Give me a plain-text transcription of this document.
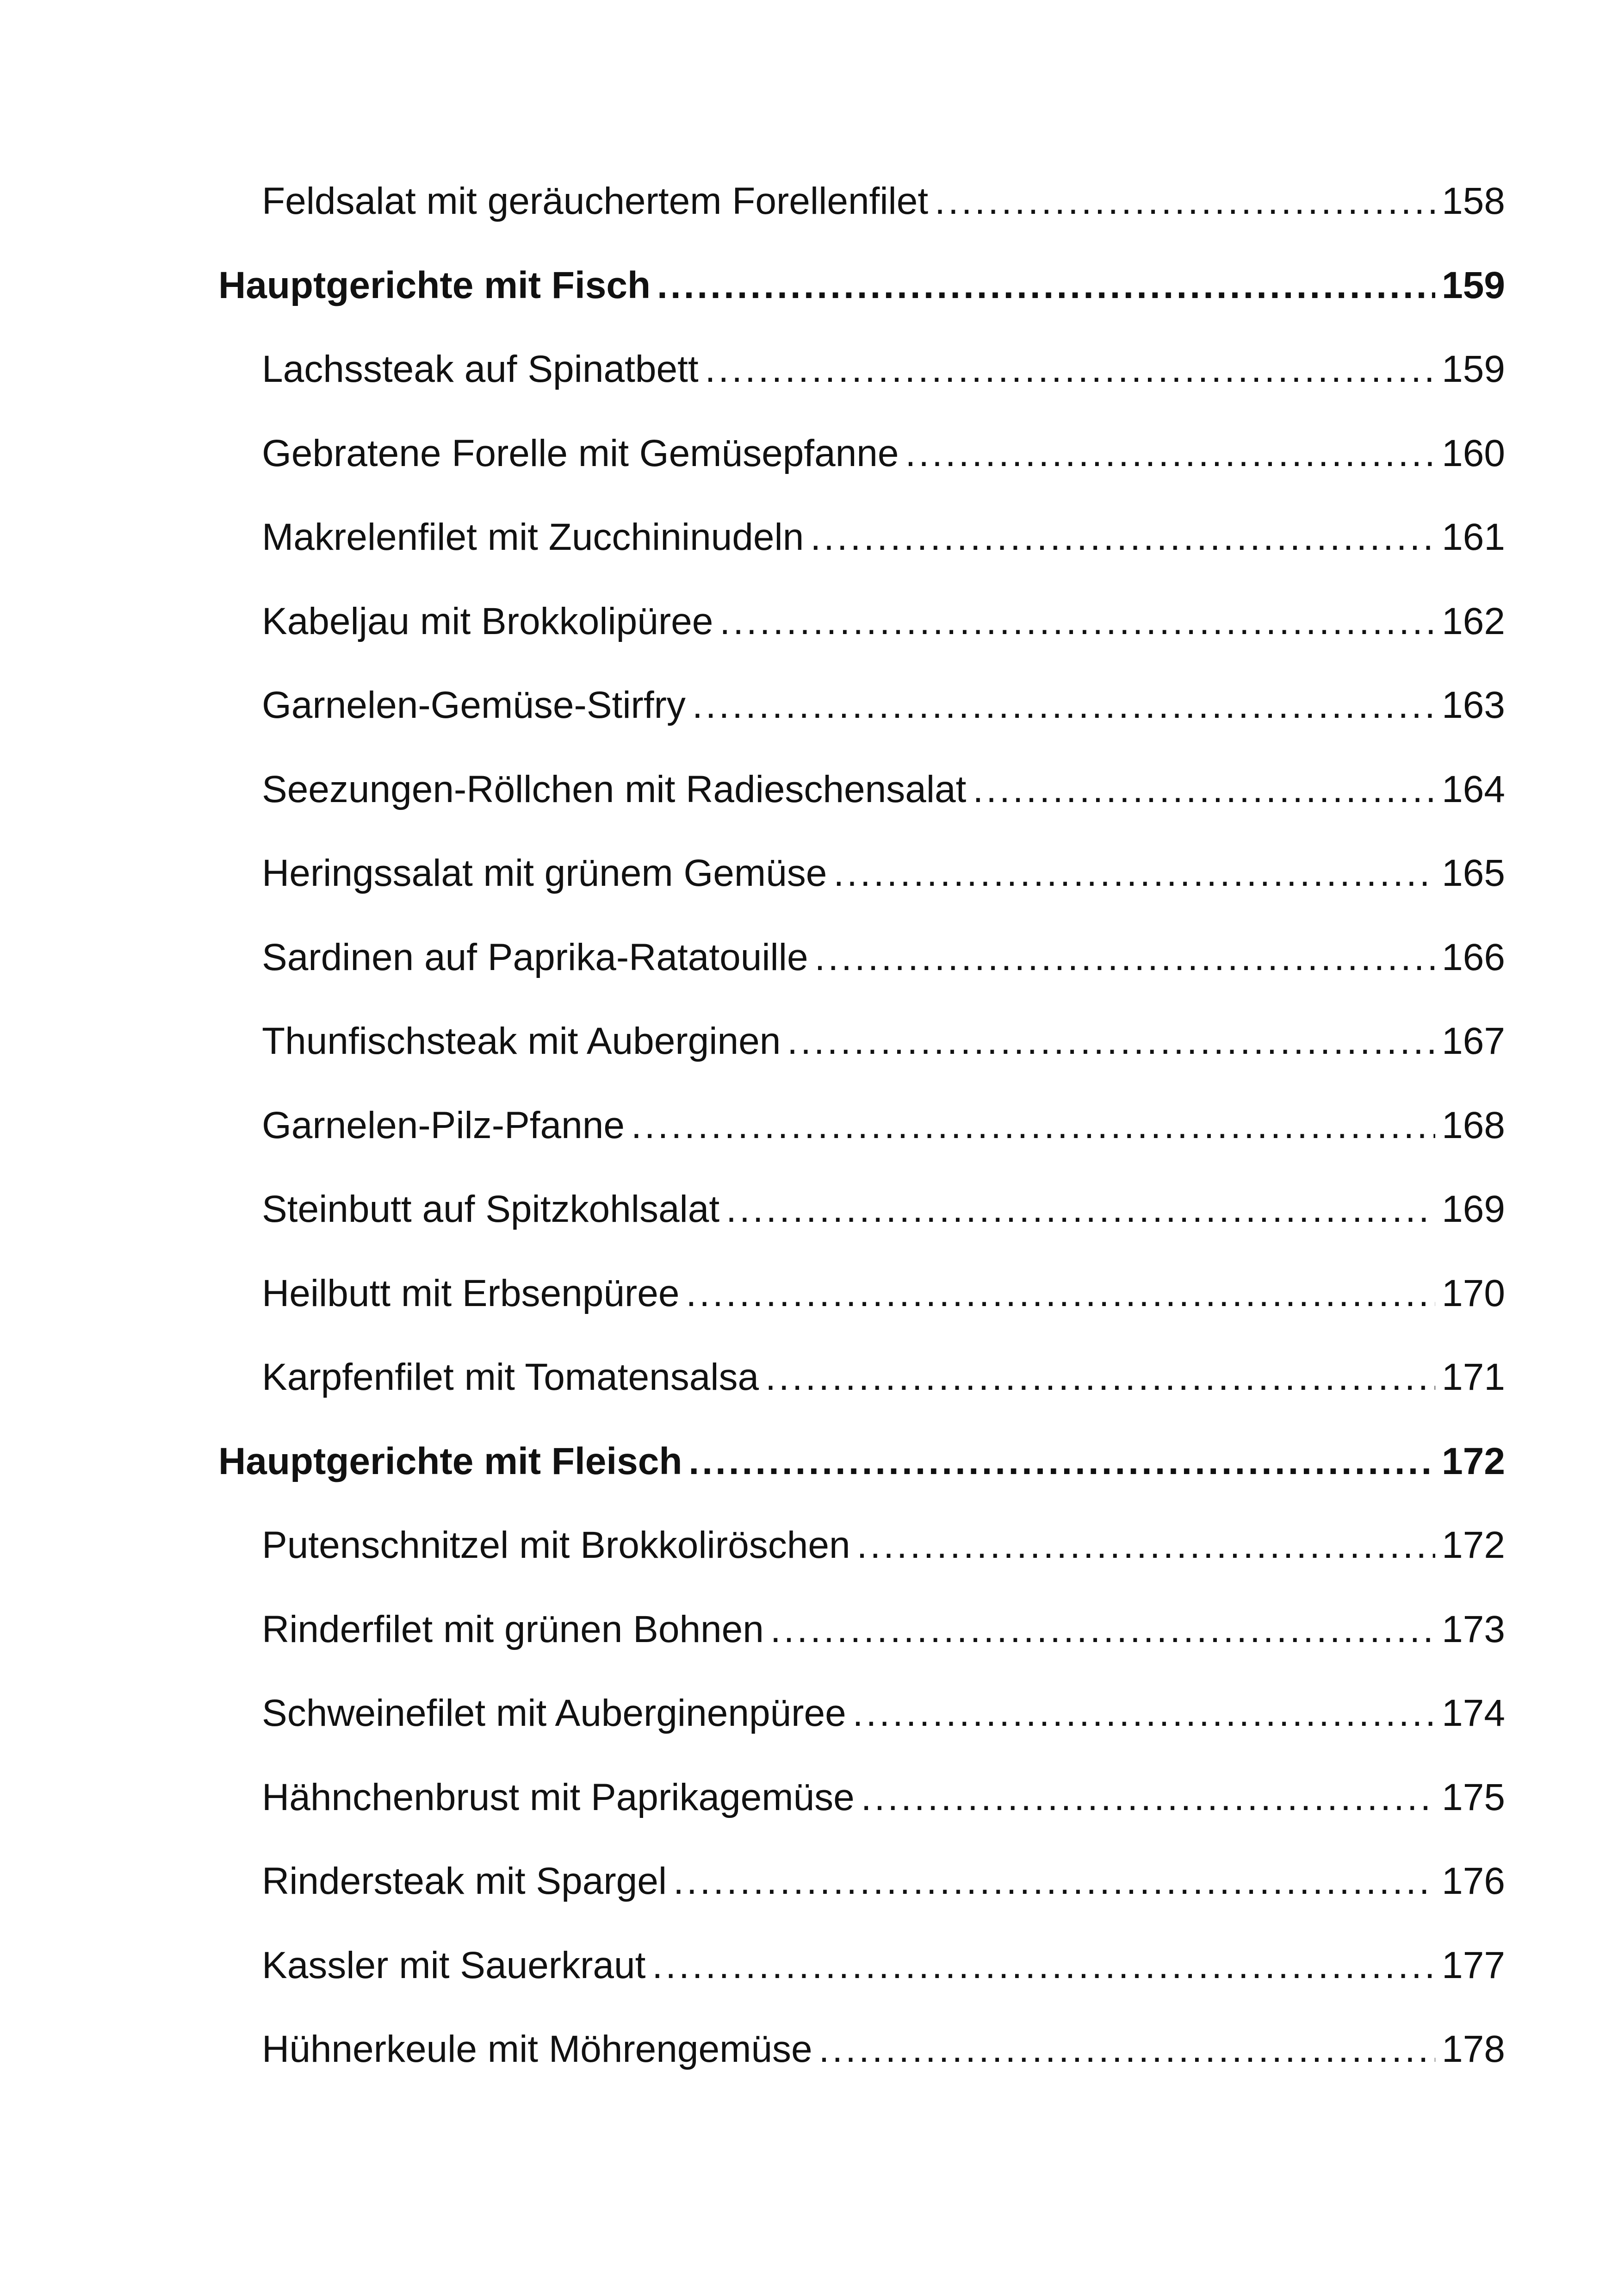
Feldsalat mit geräuchertem Forellenfilet .....	158
Hauptgerichte mit Fisch .....	159
Lachssteak auf Spinatbett .....	159
Gebratene Forelle mit Gemüsepfanne .....	160
Makrelenfilet mit Zucchininudeln .....	161
Kabeljau mit Brokkolipüree .....	162
Garnelen-Gemüse-Stirfry .....	163
Seezungen-Röllchen mit Radieschensalat .....	164
Heringssalat mit grünem Gemüse .....	165
Sardinen auf Paprika-Ratatouille .....	166
Thunfischsteak mit Auberginen .....	167
Garnelen-Pilz-Pfanne .....	168
Steinbutt auf Spitzkohlsalat .....	169
Heilbutt mit Erbsenpüree .....	170
Karpfenfilet mit Tomatensalsa .....	171
Hauptgerichte mit Fleisch .....	172
Putenschnitzel mit Brokkoliröschen .....	172
Rinderfilet mit grünen Bohnen .....	173
Schweinefilet mit Auberginenpüree .....	174
Hähnchenbrust mit Paprikagemüse .....	175
Rindersteak mit Spargel .....	176
Kassler mit Sauerkraut .....	177
Hühnerkeule mit Möhrengemüse .....	178
